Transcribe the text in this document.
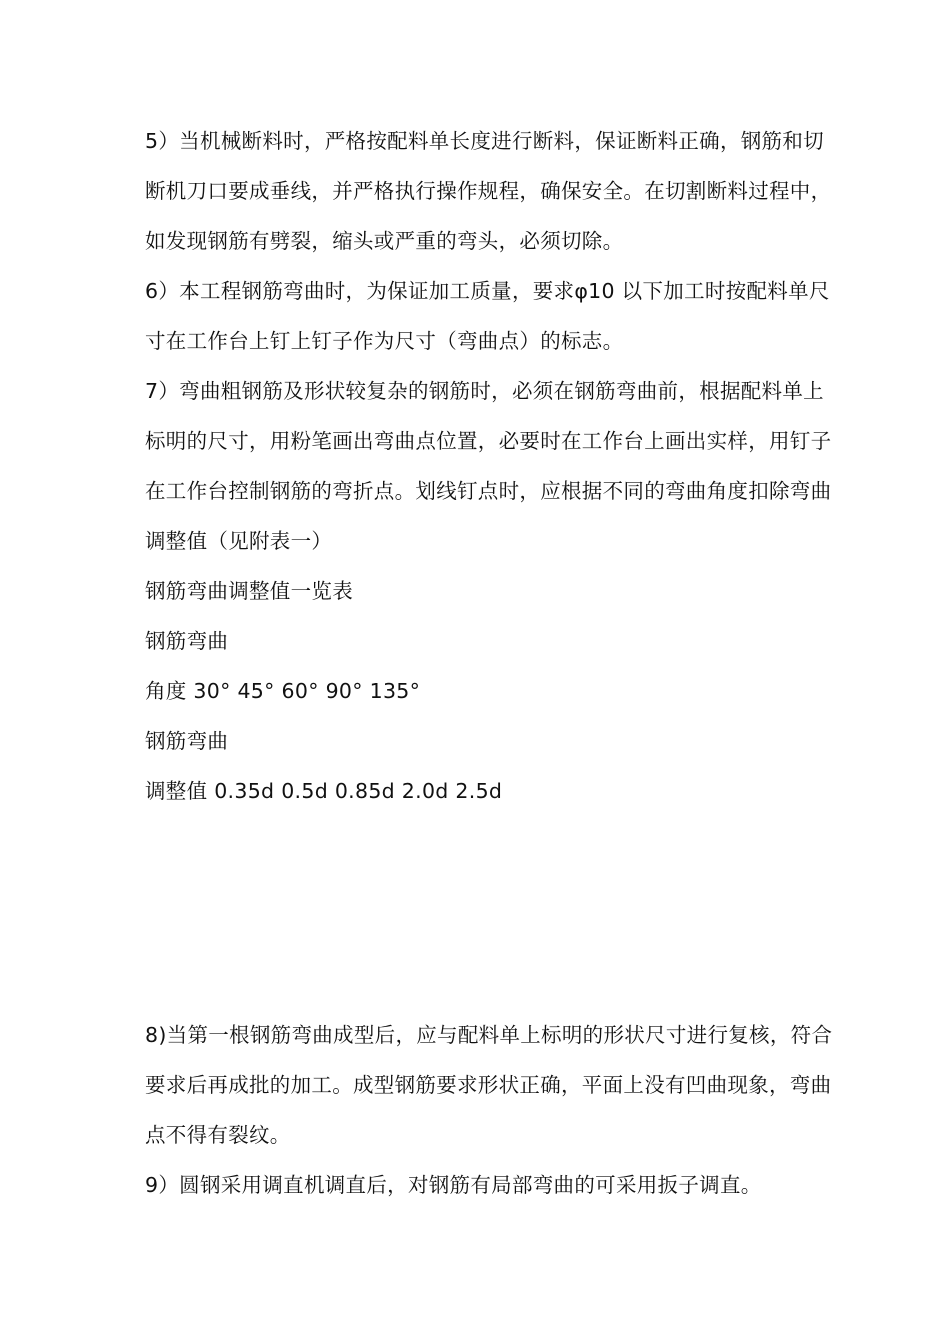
5）当机械断料时，严格按配料单长度进行断料，保证断料正确，钢筋和切断机刀口要成垂线，并严格执行操作规程，确保安全。在切割断料过程中，如发现钢筋有劈裂，缩头或严重的弯头，必须切除。

6）本工程钢筋弯曲时，为保证加工质量，要求φ10 以下加工时按配料单尺寸在工作台上钉上钉子作为尺寸（弯曲点）的标志。

7）弯曲粗钢筋及形状较复杂的钢筋时，必须在钢筋弯曲前，根据配料单上标明的尺寸，用粉笔画出弯曲点位置，必要时在工作台上画出实样，用钉子在工作台控制钢筋的弯折点。划线钉点时，应根据不同的弯曲角度扣除弯曲调整值（见附表一）

钢筋弯曲调整值一览表

钢筋弯曲

角度 30° 45° 60° 90° 135°

钢筋弯曲

调整值 0.35d 0.5d 0.85d 2.0d 2.5d

8)当第一根钢筋弯曲成型后，应与配料单上标明的形状尺寸进行复核，符合要求后再成批的加工。成型钢筋要求形状正确，平面上没有凹曲现象，弯曲点不得有裂纹。

9）圆钢采用调直机调直后，对钢筋有局部弯曲的可采用扳子调直。
